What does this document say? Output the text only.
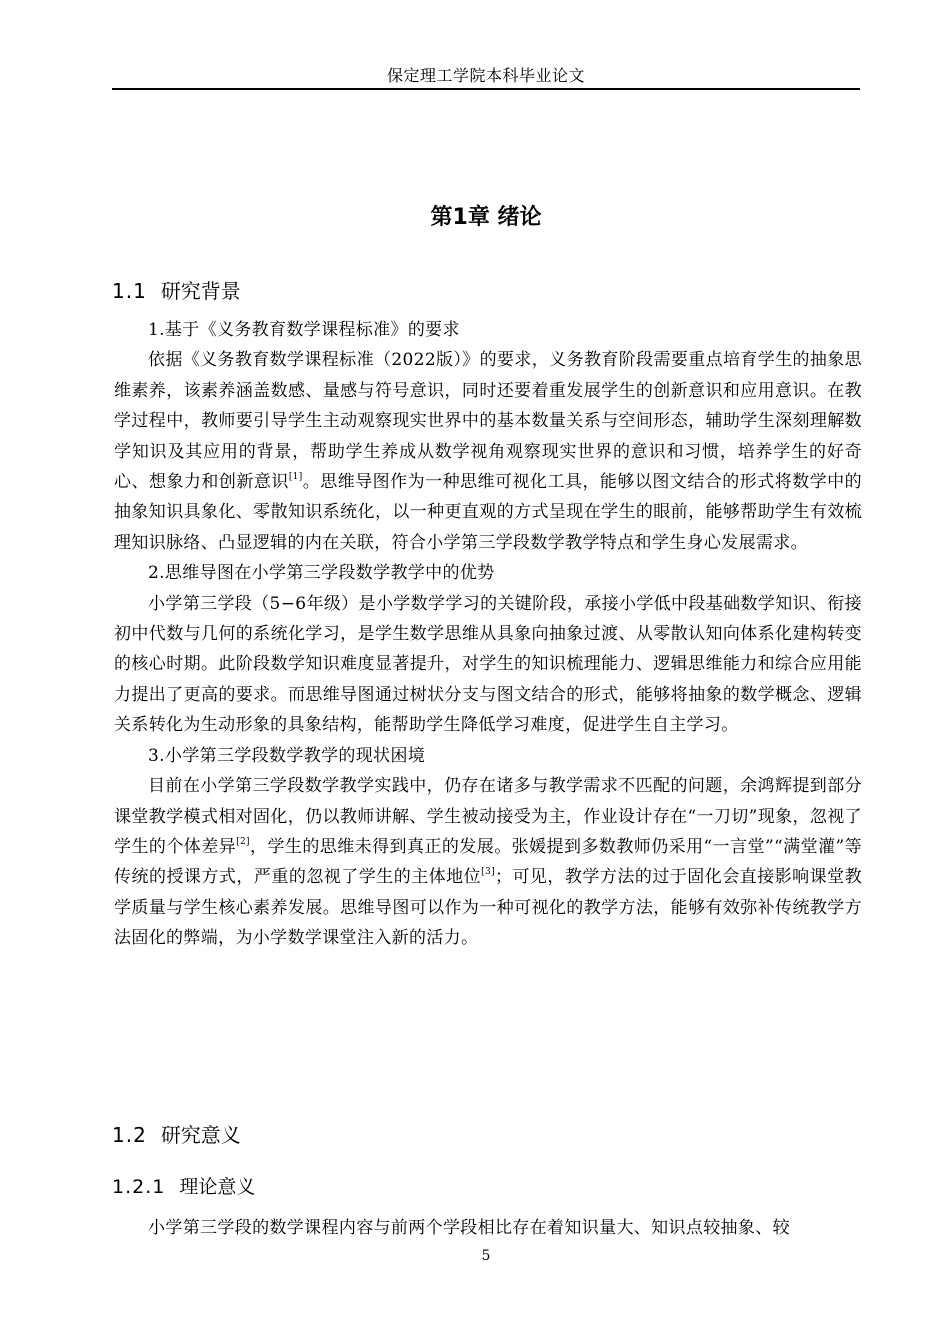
保定理工学院本科毕业论文
第1章 绪论
1.1 研究背景

1.基于《义务教育数学课程标准》的要求

依据《义务教育数学课程标准（2022版）》的要求，义务教育阶段需要重点培育学生的抽象思维素养，该素养涵盖数感、量感与符号意识，同时还要着重发展学生的创新意识和应用意识。在教学过程中，教师要引导学生主动观察现实世界中的基本数量关系与空间形态，辅助学生深刻理解数学知识及其应用的背景，帮助学生养成从数学视角观察现实世界的意识和习惯，培养学生的好奇心、想象力和创新意识[1]。思维导图作为一种思维可视化工具，能够以图文结合的形式将数学中的抽象知识具象化、零散知识系统化，以一种更直观的方式呈现在学生的眼前，能够帮助学生有效梳理知识脉络、凸显逻辑的内在关联，符合小学第三学段数学教学特点和学生身心发展需求。

2.思维导图在小学第三学段数学教学中的优势

小学第三学段（5−6年级）是小学数学学习的关键阶段，承接小学低中段基础数学知识、衔接初中代数与几何的系统化学习，是学生数学思维从具象向抽象过渡、从零散认知向体系化建构转变的核心时期。此阶段数学知识难度显著提升，对学生的知识梳理能力、逻辑思维能力和综合应用能力提出了更高的要求。而思维导图通过树状分支与图文结合的形式，能够将抽象的数学概念、逻辑关系转化为生动形象的具象结构，能帮助学生降低学习难度，促进学生自主学习。

3.小学第三学段数学教学的现状困境

目前在小学第三学段数学教学实践中，仍存在诸多与教学需求不匹配的问题，余鸿辉提到部分课堂教学模式相对固化，仍以教师讲解、学生被动接受为主，作业设计存在“一刀切”现象，忽视了学生的个体差异[2]，学生的思维未得到真正的发展。张媛提到多数教师仍采用“一言堂”“满堂灌”等传统的授课方式，严重的忽视了学生的主体地位[3]；可见，教学方法的过于固化会直接影响课堂教学质量与学生核心素养发展。思维导图可以作为一种可视化的教学方法，能够有效弥补传统教学方法固化的弊端，为小学数学课堂注入新的活力。

1.2 研究意义
1.2.1 理论意义

小学第三学段的数学课程内容与前两个学段相比存在着知识量大、知识点较抽象、较

5
